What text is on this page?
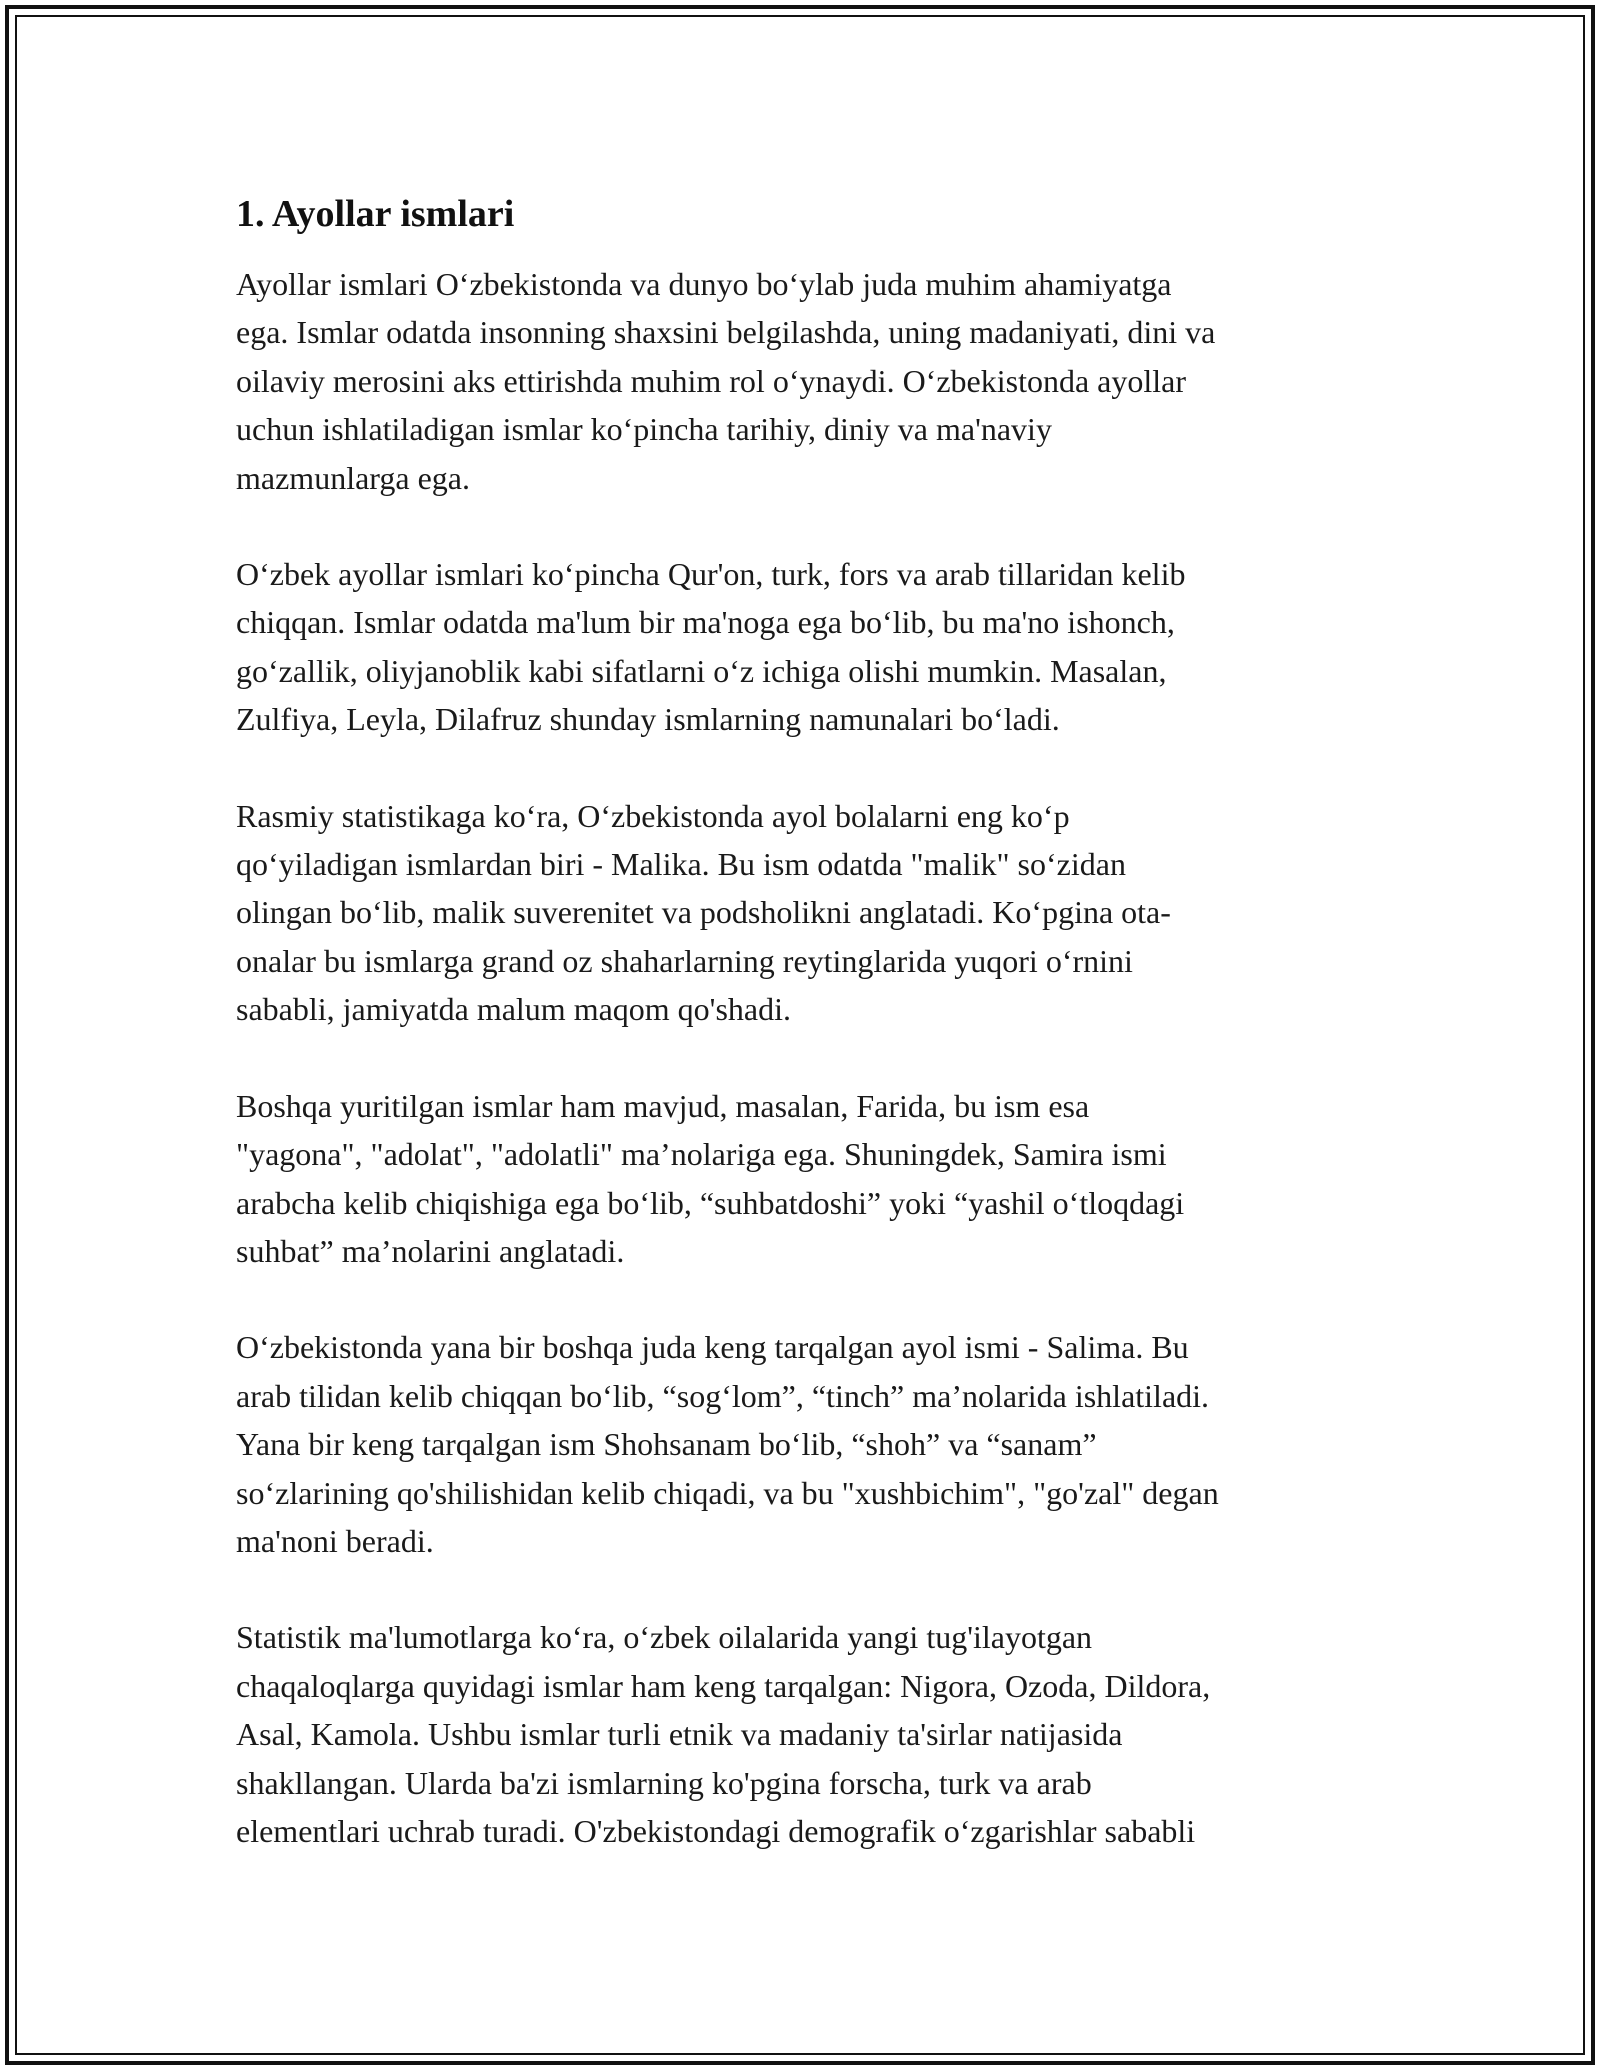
1. Ayollar ismlari

Ayollar ismlari O‘zbekistonda va dunyo bo‘ylab juda muhim ahamiyatga
ega. Ismlar odatda insonning shaxsini belgilashda, uning madaniyati, dini va
oilaviy merosini aks ettirishda muhim rol o‘ynaydi. O‘zbekistonda ayollar
uchun ishlatiladigan ismlar ko‘pincha tarihiy, diniy va ma'naviy
mazmunlarga ega.

O‘zbek ayollar ismlari ko‘pincha Qur'on, turk, fors va arab tillaridan kelib
chiqqan. Ismlar odatda ma'lum bir ma'noga ega bo‘lib, bu ma'no ishonch,
go‘zallik, oliyjanoblik kabi sifatlarni o‘z ichiga olishi mumkin. Masalan,
Zulfiya, Leyla, Dilafruz shunday ismlarning namunalari bo‘ladi.

Rasmiy statistikaga ko‘ra, O‘zbekistonda ayol bolalarni eng ko‘p
qo‘yiladigan ismlardan biri - Malika. Bu ism odatda "malik" so‘zidan
olingan bo‘lib, malik suverenitet va podsholikni anglatadi. Ko‘pgina ota-
onalar bu ismlarga grand oz shaharlarning reytinglarida yuqori o‘rnini
sababli, jamiyatda malum maqom qo'shadi.

Boshqa yuritilgan ismlar ham mavjud, masalan, Farida, bu ism esa
"yagona", "adolat", "adolatli" ma’nolariga ega. Shuningdek, Samira ismi
arabcha kelib chiqishiga ega bo‘lib, “suhbatdoshi” yoki “yashil o‘tloqdagi
suhbat” ma’nolarini anglatadi.

O‘zbekistonda yana bir boshqa juda keng tarqalgan ayol ismi - Salima. Bu
arab tilidan kelib chiqqan bo‘lib, “sog‘lom”, “tinch” ma’nolarida ishlatiladi.
Yana bir keng tarqalgan ism Shohsanam bo‘lib, “shoh” va “sanam”
so‘zlarining qo'shilishidan kelib chiqadi, va bu "xushbichim", "go'zal" degan
ma'noni beradi.

Statistik ma'lumotlarga ko‘ra, o‘zbek oilalarida yangi tug'ilayotgan
chaqaloqlarga quyidagi ismlar ham keng tarqalgan: Nigora, Ozoda, Dildora,
Asal, Kamola. Ushbu ismlar turli etnik va madaniy ta'sirlar natijasida
shakllangan. Ularda ba'zi ismlarning ko'pgina forscha, turk va arab
elementlari uchrab turadi. O'zbekistondagi demografik o‘zgarishlar sababli
